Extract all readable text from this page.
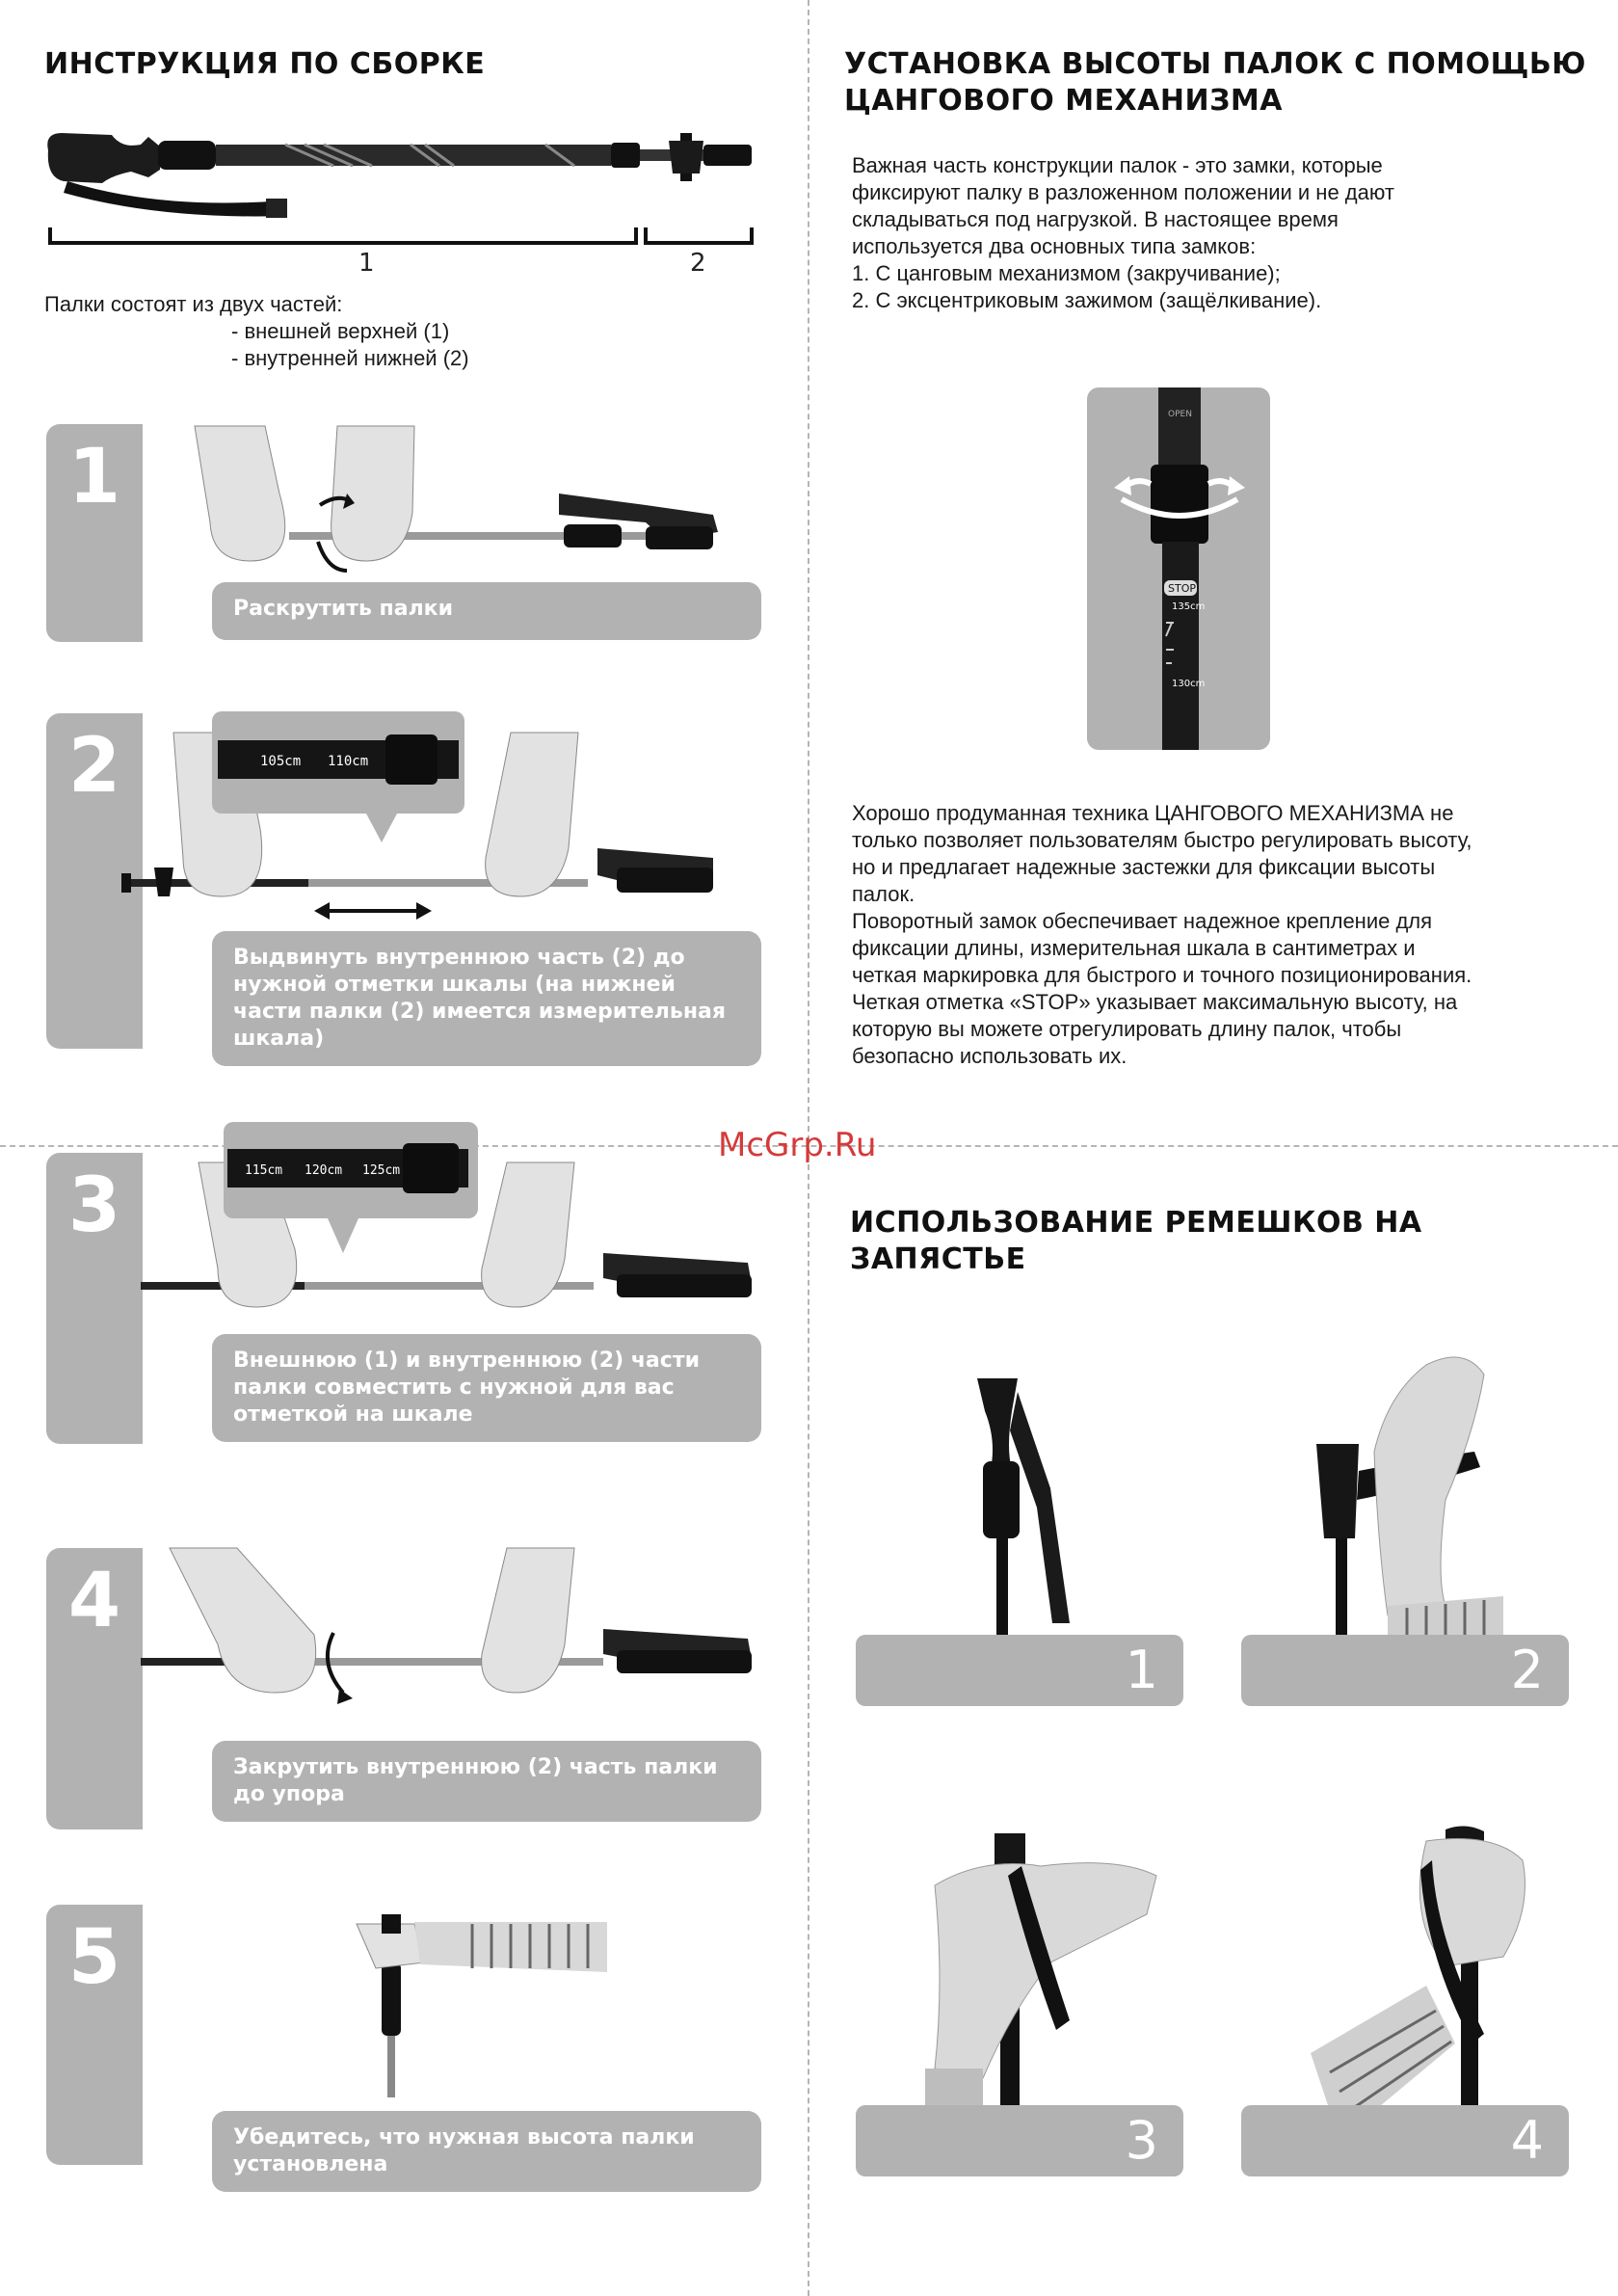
ИНСТРУКЦИЯ ПО СБОРКЕ
1	2

Палки состоят из двух частей:

- внешней верхней (1)

- внутренней нижней (2)

1
Раскрутить палки
105cm 110cm
Выдвинуть внутреннюю часть (2) до нужной отметки шкалы (на нижней части палки (2) имеется измерительная шкала)
3	115cm 120cm 125cm
Внешнюю (1) и внутреннюю (2) части палки совместить с нужной для вас отметкой на шкале
4
Закрутить внутреннюю (2) часть палки до упора
5
Убедитесь, что нужная высота палки установлена
УСТАНОВКА ВЫСОТЫ ПАЛОК С ПОМОЩЬЮ ЦАНГОВОГО МЕХАНИЗМА

Важная часть конструкции палок - это замки, которые
фиксируют палку в разложенном положении и не дают
складываться под нагрузкой. В настоящее время
используется два основных типа замков:
1. С цанговым механизмом (закручивание);
2. С эксцентриковым зажимом (защёлкивание).

STOP
OPEN
135cm
130cm

Хорошо продуманная техника ЦАНГОВОГО МЕХАНИЗМА не
только позволяет пользователям быстро регулировать высоту,
но и предлагает надежные застежки для фиксации высоты
палок.
Поворотный замок обеспечивает надежное крепление для
фиксации длины, измерительная шкала в сантиметрах и
четкая маркировка для быстрого и точного позиционирования.
Четкая отметка «STOP» указывает максимальную высоту, на
которую вы можете отрегулировать длину палок, чтобы
безопасно использовать их.

McGrp.Ru
ИСПОЛЬЗОВАНИЕ РЕМЕШКОВ НА ЗАПЯСТЬЕ
1	2
3	4
2
